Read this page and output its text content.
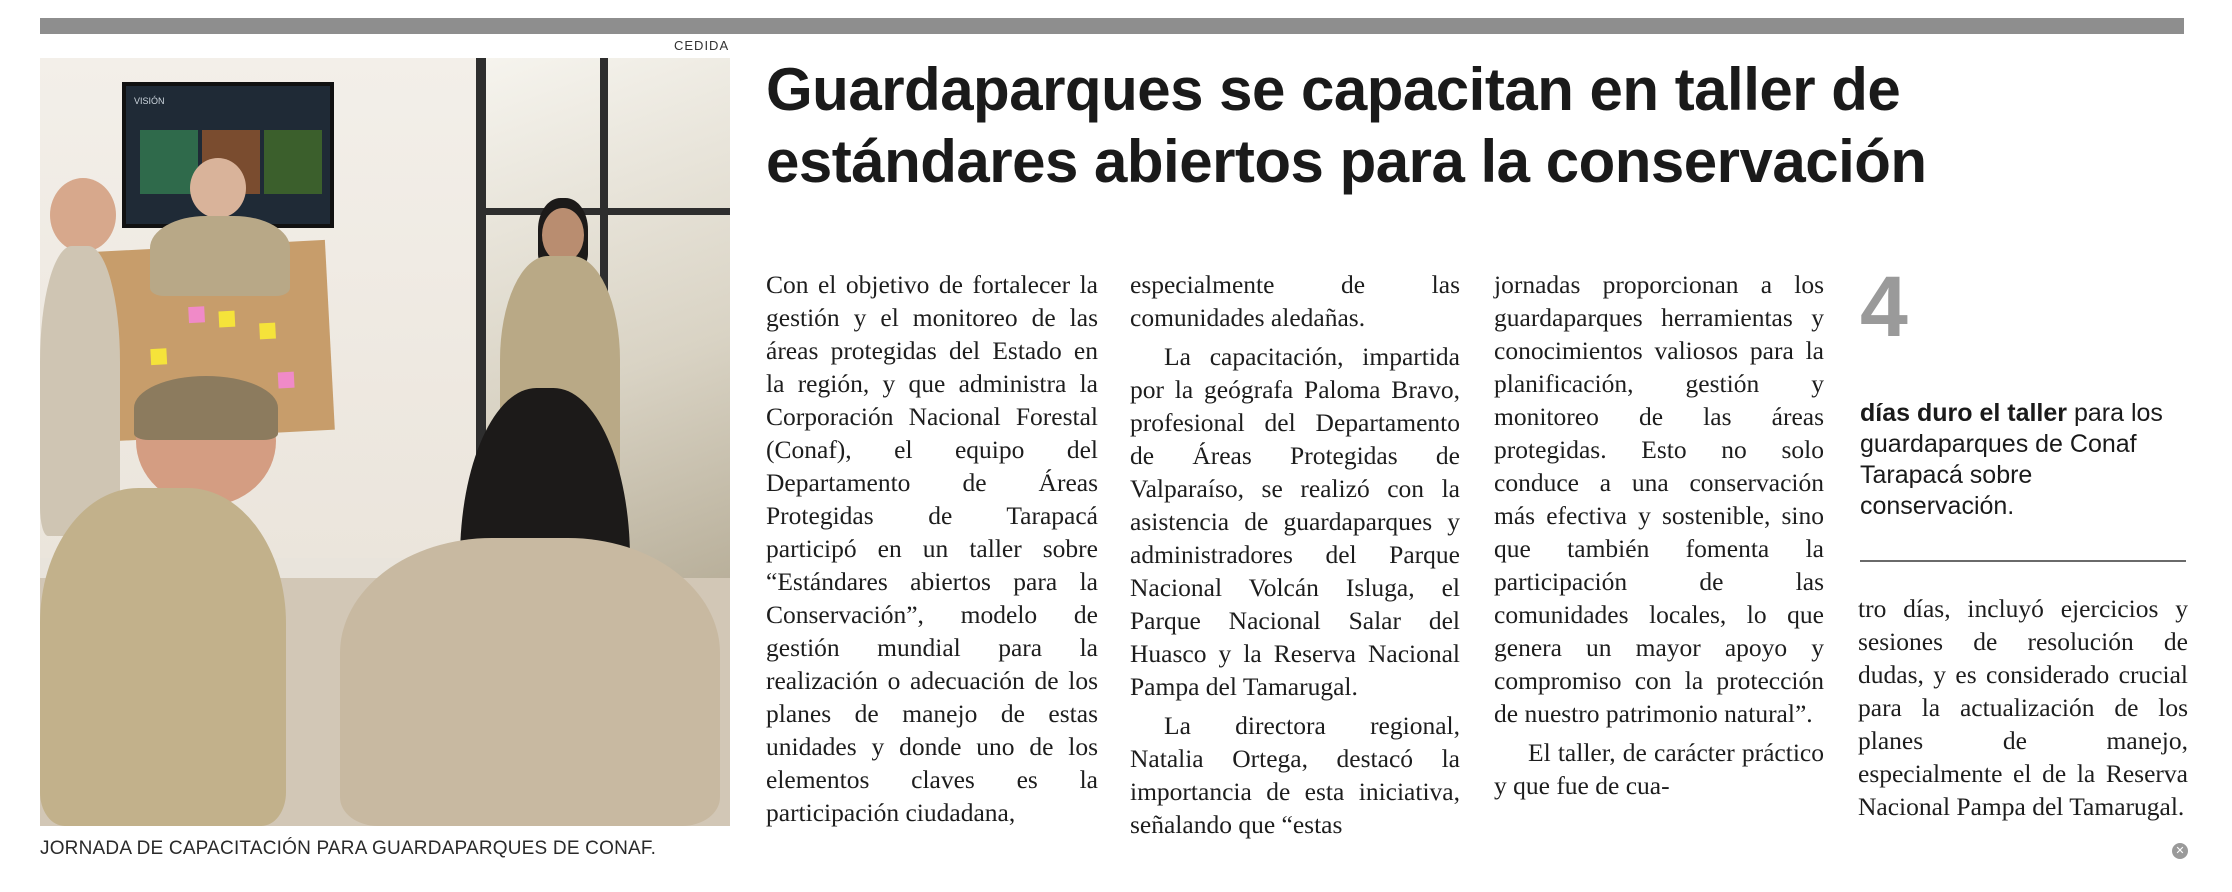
CEDIDA
VISIÓN
JORNADA DE CAPACITACIÓN PARA GUARDAPARQUES DE CONAF.
Guardaparques se capacitan en taller de estándares abiertos para la conservación

Con el objetivo de fortalecer la gestión y el monitoreo de las áreas protegidas del Estado en la región, y que administra la Corporación Nacional Forestal (Conaf), el equipo del Departamento de Áreas Protegidas de Tarapacá participó en un taller sobre “Estándares abiertos para la Conservación”, modelo de gestión mundial para la realización o adecuación de los planes de manejo de estas unidades y donde uno de los elementos claves es la participación ciudadana,

especialmente de las comunidades aledañas.

La capacitación, impartida por la geógrafa Paloma Bravo, profesional del Departamento de Áreas Protegidas de Valparaíso, se realizó con la asistencia de guardaparques y administradores del Parque Nacional Volcán Isluga, el Parque Nacional Salar del Huasco y la Reserva Nacional Pampa del Tamarugal.

La directora regional, Natalia Ortega, destacó la importancia de esta iniciativa, señalando que “estas

jornadas proporcionan a los guardaparques herramientas y conocimientos valiosos para la planificación, gestión y monitoreo de las áreas protegidas. Esto no solo conduce a una conservación más efectiva y sostenible, sino que también fomenta la participación de las comunidades locales, lo que genera un mayor apoyo y compromiso con la protección de nuestro patrimonio natural”.

El taller, de carácter práctico y que fue de cua-

4
días duro el taller para los guardaparques de Conaf Tarapacá sobre conservación.

tro días, incluyó ejercicios y sesiones de resolución de dudas, y es considerado crucial para la actualización de los planes de manejo, especialmente el de la Reserva Nacional Pampa del Tamarugal.

✕
